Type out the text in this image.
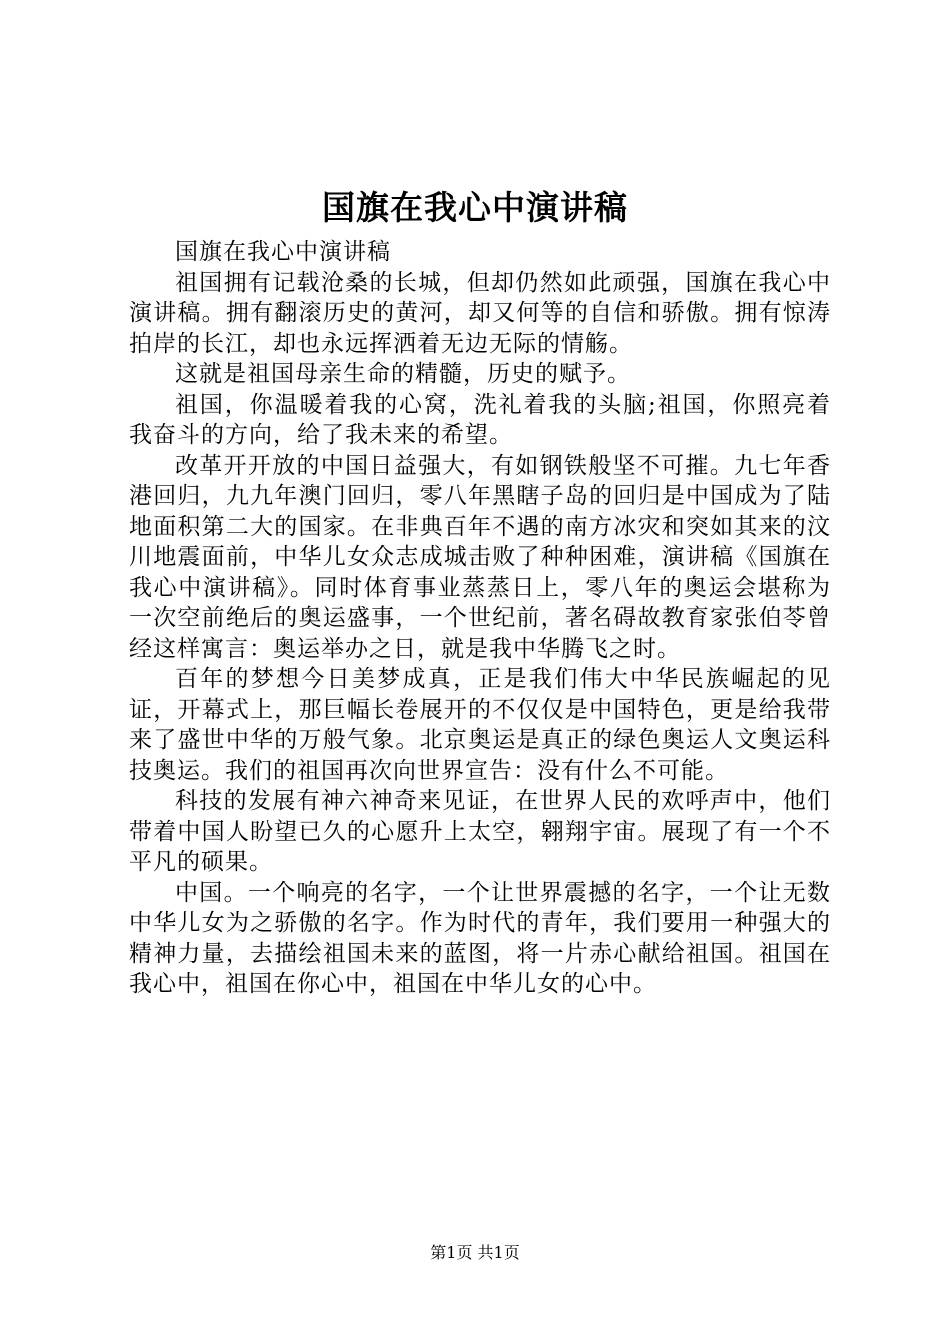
国旗在我心中演讲稿

国旗在我心中演讲稿

祖国拥有记载沧桑的长城，但却仍然如此顽强，国旗在我心中演讲稿。拥有翻滚历史的黄河，却又何等的自信和骄傲。拥有惊涛拍岸的长江，却也永远挥洒着无边无际的情觞。

这就是祖国母亲生命的精髓，历史的赋予。

祖国，你温暖着我的心窝，洗礼着我的头脑;祖国，你照亮着我奋斗的方向，给了我未来的希望。

改革开开放的中国日益强大，有如钢铁般坚不可摧。九七年香港回归，九九年澳门回归，零八年黑瞎子岛的回归是中国成为了陆地面积第二大的国家。在非典百年不遇的南方冰灾和突如其来的汶川地震面前，中华儿女众志成城击败了种种困难，演讲稿《国旗在我心中演讲稿》。同时体育事业蒸蒸日上，零八年的奥运会堪称为一次空前绝后的奥运盛事，一个世纪前，著名碍故教育家张伯苓曾经这样寓言：奥运举办之日，就是我中华腾飞之时。

百年的梦想今日美梦成真，正是我们伟大中华民族崛起的见证，开幕式上，那巨幅长卷展开的不仅仅是中国特色，更是给我带来了盛世中华的万般气象。北京奥运是真正的绿色奥运人文奥运科技奥运。我们的祖国再次向世界宣告：没有什么不可能。

科技的发展有神六神奇来见证，在世界人民的欢呼声中，他们带着中国人盼望已久的心愿升上太空，翱翔宇宙。展现了有一个不平凡的硕果。

中国。一个响亮的名字，一个让世界震撼的名字，一个让无数中华儿女为之骄傲的名字。作为时代的青年，我们要用一种强大的精神力量，去描绘祖国未来的蓝图，将一片赤心献给祖国。祖国在我心中，祖国在你心中，祖国在中华儿女的心中。

第1页 共1页
